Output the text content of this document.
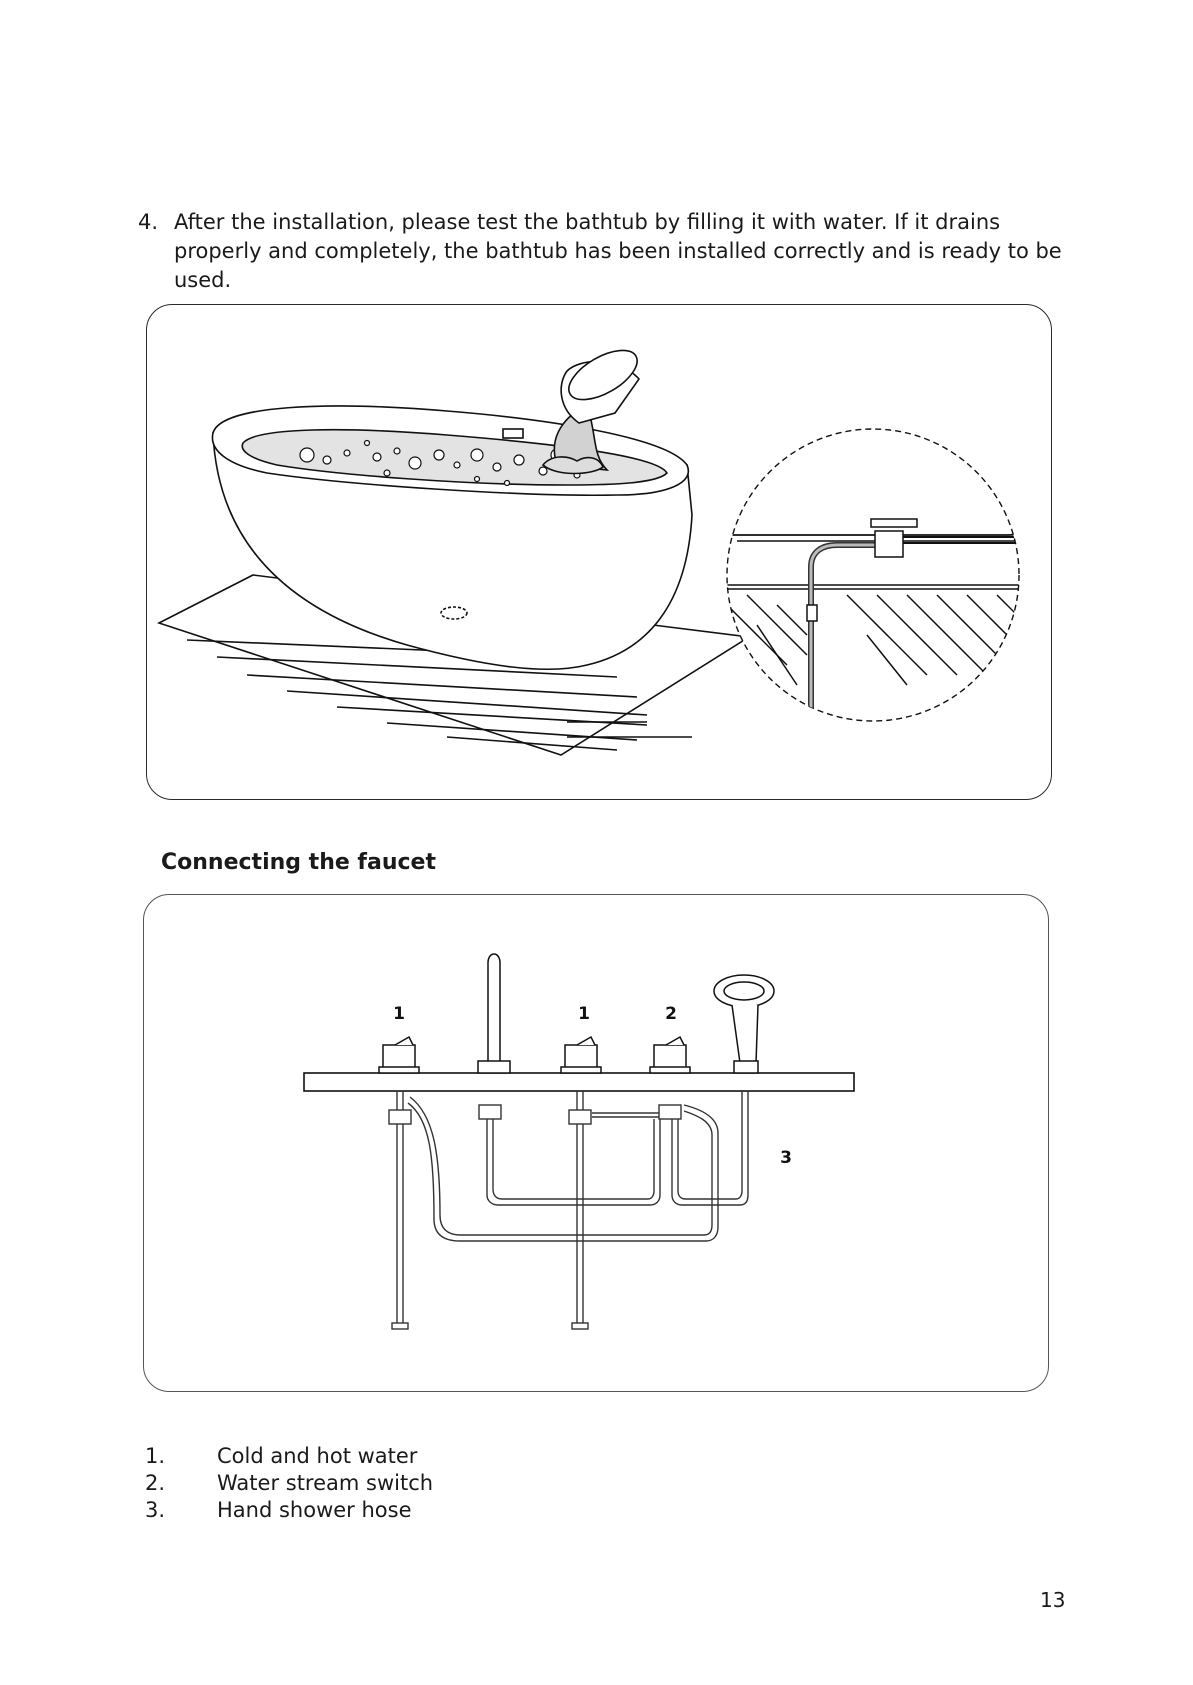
4. After the installation, please test the bathtub by filling it with water. If it drains properly and completely, the bathtub has been installed correctly and is ready to be used.
Connecting the faucet
1	1	2
3
1. Cold and hot water
2. Water stream switch
3. Hand shower hose
13
